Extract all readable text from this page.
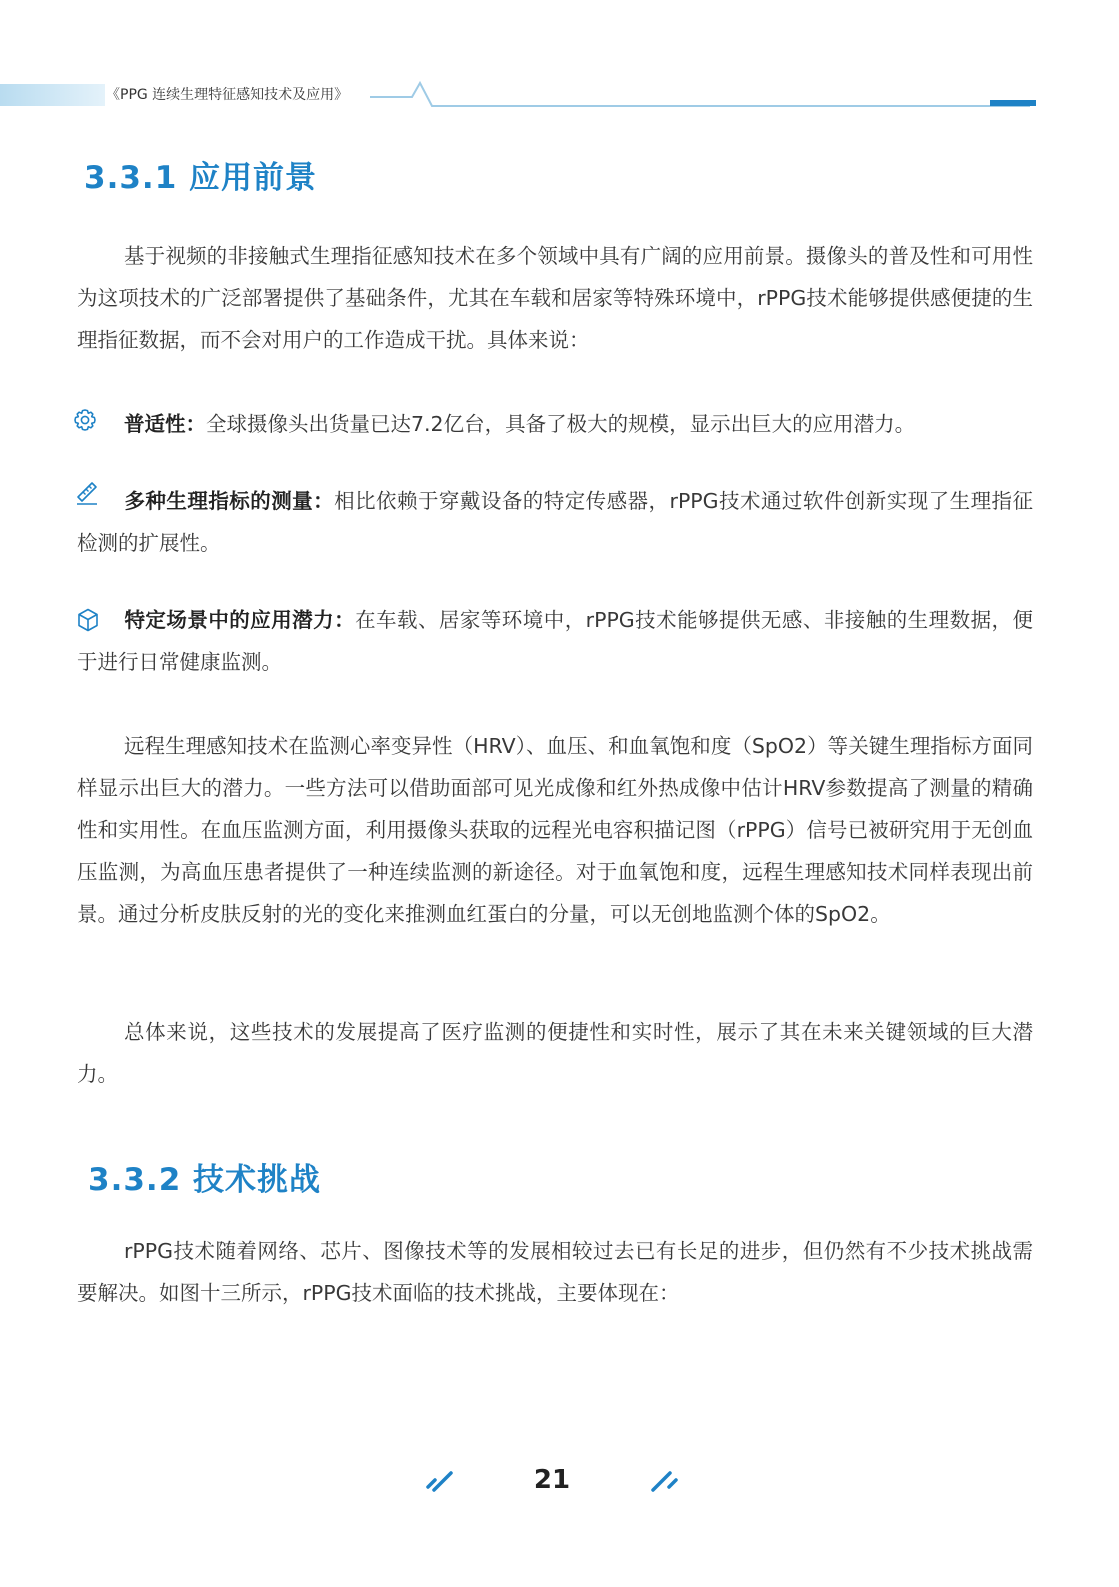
《PPG 连续生理特征感知技术及应用》
3.3.1 应用前景

基于视频的非接触式生理指征感知技术在多个领域中具有广阔的应用前景。摄像头的普及性和可用性为这项技术的广泛部署提供了基础条件，尤其在车载和居家等特殊环境中，rPPG技术能够提供感便捷的生理指征数据，而不会对用户的工作造成干扰。具体来说：

普适性：全球摄像头出货量已达7.2亿台，具备了极大的规模，显示出巨大的应用潜力。
多种生理指标的测量：相比依赖于穿戴设备的特定传感器，rPPG技术通过软件创新实现了生理指征检测的扩展性。
特定场景中的应用潜力：在车载、居家等环境中，rPPG技术能够提供无感、非接触的生理数据，便于进行日常健康监测。

远程生理感知技术在监测心率变异性（HRV）、血压、和血氧饱和度（SpO2）等关键生理指标方面同样显示出巨大的潜力。一些方法可以借助面部可见光成像和红外热成像中估计HRV参数提高了测量的精确性和实用性。在血压监测方面，利用摄像头获取的远程光电容积描记图（rPPG）信号已被研究用于无创血压监测，为高血压患者提供了一种连续监测的新途径。对于血氧饱和度，远程生理感知技术同样表现出前景。通过分析皮肤反射的光的变化来推测血红蛋白的分量，可以无创地监测个体的SpO2。

总体来说，这些技术的发展提高了医疗监测的便捷性和实时性，展示了其在未来关键领域的巨大潜力。

3.3.2 技术挑战

rPPG技术随着网络、芯片、图像技术等的发展相较过去已有长足的进步，但仍然有不少技术挑战需要解决。如图十三所示，rPPG技术面临的技术挑战，主要体现在：

21
